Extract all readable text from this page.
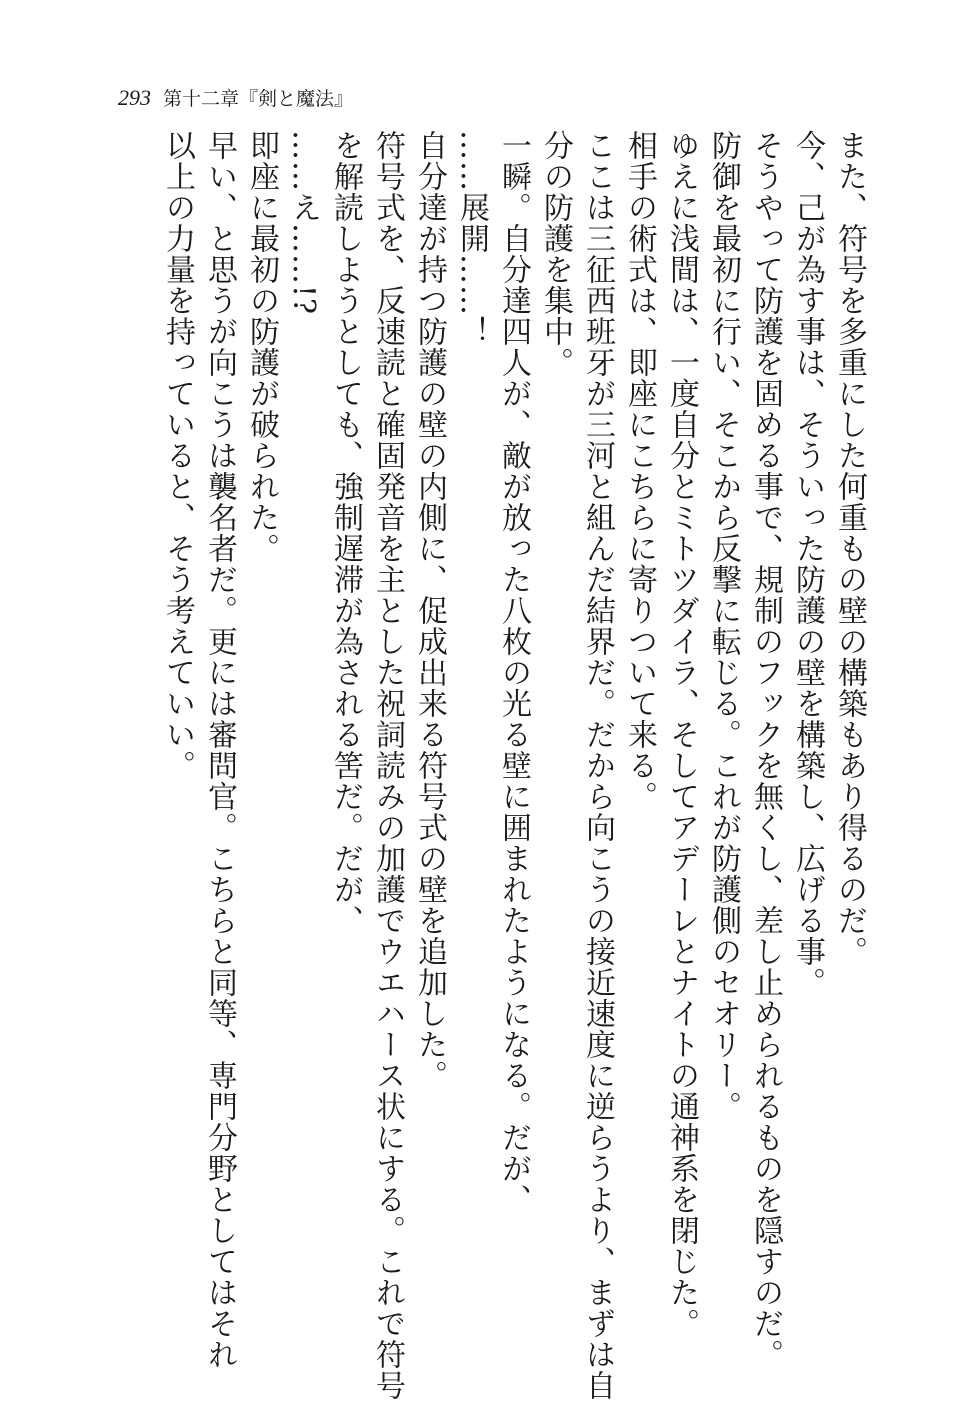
293 第十二章『剣と魔法』
また、符号を多重にした何重もの壁の構築もあり得るのだ。
今、己が為す事は、そういった防護の壁を構築し、広げる事。
そうやって防護を固める事で、規制のフックを無くし、差し止められるものを隠すのだ。
防御を最初に行い、そこから反撃に転じる。これが防護側のセオリー。
ゆえに浅間は、一度自分とミトツダイラ、そしてアデーレとナイトの通神系を閉じた。
相手の術式は、即座にこちらに寄りついて来る。
ここは三征西班牙が三河と組んだ結界だ。だから向こうの接近速度に逆らうより、まずは自
分の防護を集中。
一瞬。自分達四人が、敵が放った八枚の光る壁に囲まれたようになる。だが、
……展開……！
自分達が持つ防護の壁の内側に、促成出来る符号式の壁を追加した。
符号式を、反速読と確固発音を主とした祝詞読みの加護でウエハース状にする。これで符号
を解読しようとしても、強制遅滞が為される筈だ。だが、
……え……!?
即座に最初の防護が破られた。
早い、と思うが向こうは襲名者だ。更には審問官。こちらと同等、専門分野としてはそれ
以上の力量を持っていると、そう考えていい。
